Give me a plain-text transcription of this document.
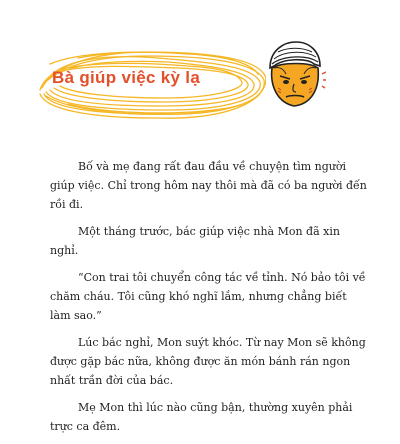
Bà giúp việc kỳ lạ

Bố và mẹ đang rất đau đầu về chuyện tìm người giúp việc. Chỉ trong hôm nay thôi mà đã có ba người đến rồi đi.

Một tháng trước, bác giúp việc nhà Mon đã xin nghỉ.

“Con trai tôi chuyển công tác về tỉnh. Nó bảo tôi về chăm cháu. Tôi cũng khó nghĩ lắm, nhưng chẳng biết làm sao.”

Lúc bác nghỉ, Mon suýt khóc. Từ nay Mon sẽ không được gặp bác nữa, không được ăn món bánh rán ngon nhất trần đời của bác.

Mẹ Mon thì lúc nào cũng bận, thường xuyên phải trực ca đêm.
